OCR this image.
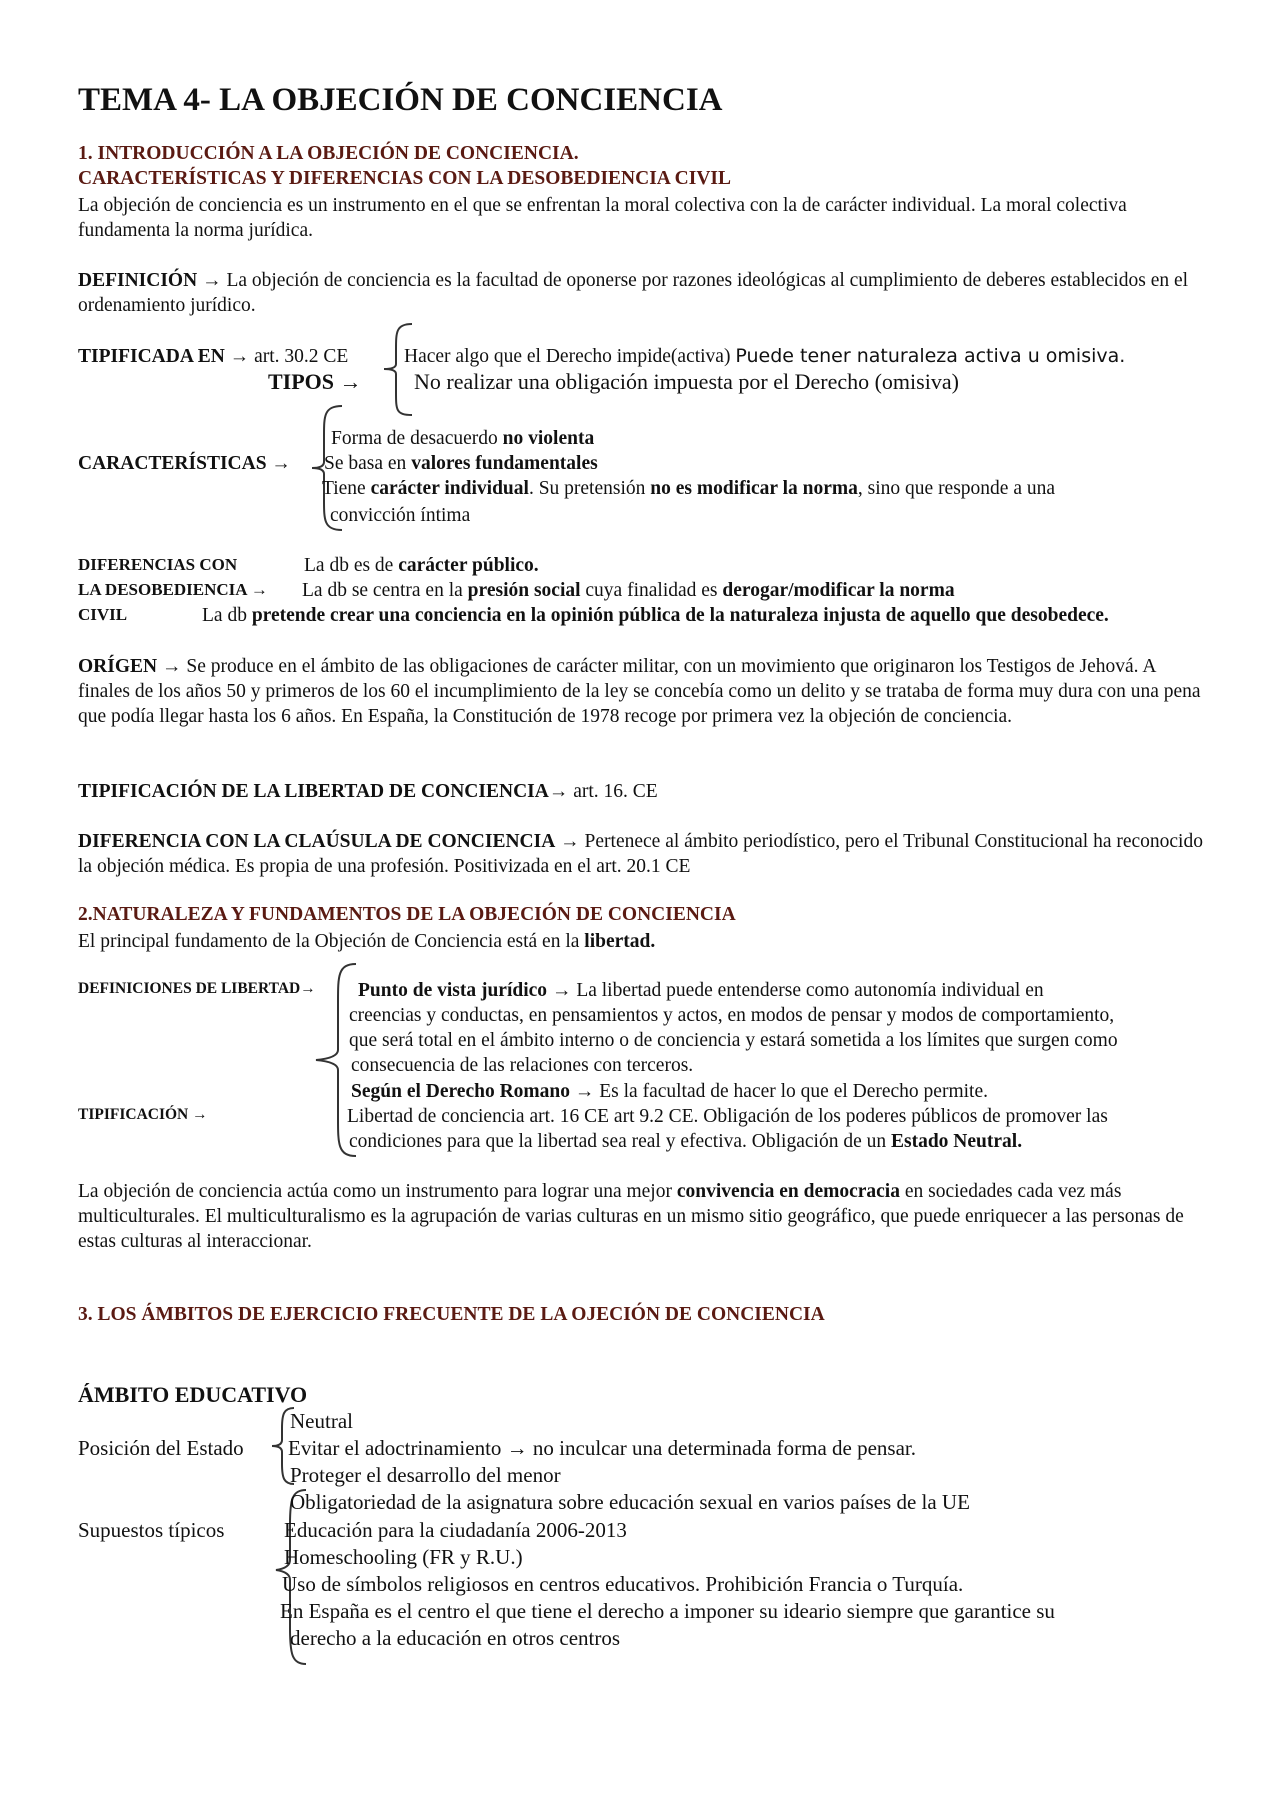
TEMA 4- LA OBJECIÓN DE CONCIENCIA
1. INTRODUCCIÓN A LA OBJECIÓN DE CONCIENCIA.
CARACTERÍSTICAS Y DIFERENCIAS CON LA DESOBEDIENCIA CIVIL
La objeción de conciencia es un instrumento en el que se enfrentan la moral colectiva con la de carácter individual. La moral colectiva fundamenta la norma jurídica.
DEFINICIÓN → La objeción de conciencia es la facultad de oponerse por razones ideológicas al cumplimiento de deberes establecidos en el ordenamiento jurídico.
TIPIFICADA EN → art. 30.2 CE
TIPOS →
Hacer algo que el Derecho impide(activa) Puede tener naturaleza activa u omisiva.
No realizar una obligación impuesta por el Derecho (omisiva)
CARACTERÍSTICAS →
Forma de desacuerdo no violenta
Se basa en valores fundamentales
Tiene carácter individual. Su pretensión no es modificar la norma, sino que responde a una
convicción íntima
DIFERENCIAS CON
LA DESOBEDIENCIA →
CIVIL
La db es de carácter público.
La db se centra en la presión social cuya finalidad es derogar/modificar la norma
La db pretende crear una conciencia en la opinión pública de la naturaleza injusta de aquello que desobedece.
ORÍGEN → Se produce en el ámbito de las obligaciones de carácter militar, con un movimiento que originaron los Testigos de Jehová. A finales de los años 50 y primeros de los 60 el incumplimiento de la ley se concebía como un delito y se trataba de forma muy dura con una pena que podía llegar hasta los 6 años. En España, la Constitución de 1978 recoge por primera vez la objeción de conciencia.
TIPIFICACIÓN DE LA LIBERTAD DE CONCIENCIA→ art. 16. CE
DIFERENCIA CON LA CLAÚSULA DE CONCIENCIA → Pertenece al ámbito periodístico, pero el Tribunal Constitucional ha reconocido la objeción médica. Es propia de una profesión. Positivizada en el art. 20.1 CE
2.NATURALEZA Y FUNDAMENTOS DE LA OBJECIÓN DE CONCIENCIA
El principal fundamento de la Objeción de Conciencia está en la libertad.
DEFINICIONES DE LIBERTAD→
TIPIFICACIÓN →
Punto de vista jurídico → La libertad puede entenderse como autonomía individual en
creencias y conductas, en pensamientos y actos, en modos de pensar y modos de comportamiento,
que será total en el ámbito interno o de conciencia y estará sometida a los límites que surgen como
consecuencia de las relaciones con terceros.
Según el Derecho Romano → Es la facultad de hacer lo que el Derecho permite.
Libertad de conciencia art. 16 CE art 9.2 CE. Obligación de los poderes públicos de promover las
condiciones para que la libertad sea real y efectiva. Obligación de un Estado Neutral.
La objeción de conciencia actúa como un instrumento para lograr una mejor convivencia en democracia en sociedades cada vez más multiculturales. El multiculturalismo es la agrupación de varias culturas en un mismo sitio geográfico, que puede enriquecer a las personas de estas culturas al interaccionar.
3. LOS ÁMBITOS DE EJERCICIO FRECUENTE DE LA OJECIÓN DE CONCIENCIA
ÁMBITO EDUCATIVO
Posición del Estado
Neutral
Evitar el adoctrinamiento → no inculcar una determinada forma de pensar.
Proteger el desarrollo del menor
Supuestos típicos
Obligatoriedad de la asignatura sobre educación sexual en varios países de la UE
Educación para la ciudadanía 2006-2013
Homeschooling (FR y R.U.)
Uso de símbolos religiosos en centros educativos. Prohibición Francia o Turquía.
En España es el centro el que tiene el derecho a imponer su ideario siempre que garantice su
derecho a la educación en otros centros
